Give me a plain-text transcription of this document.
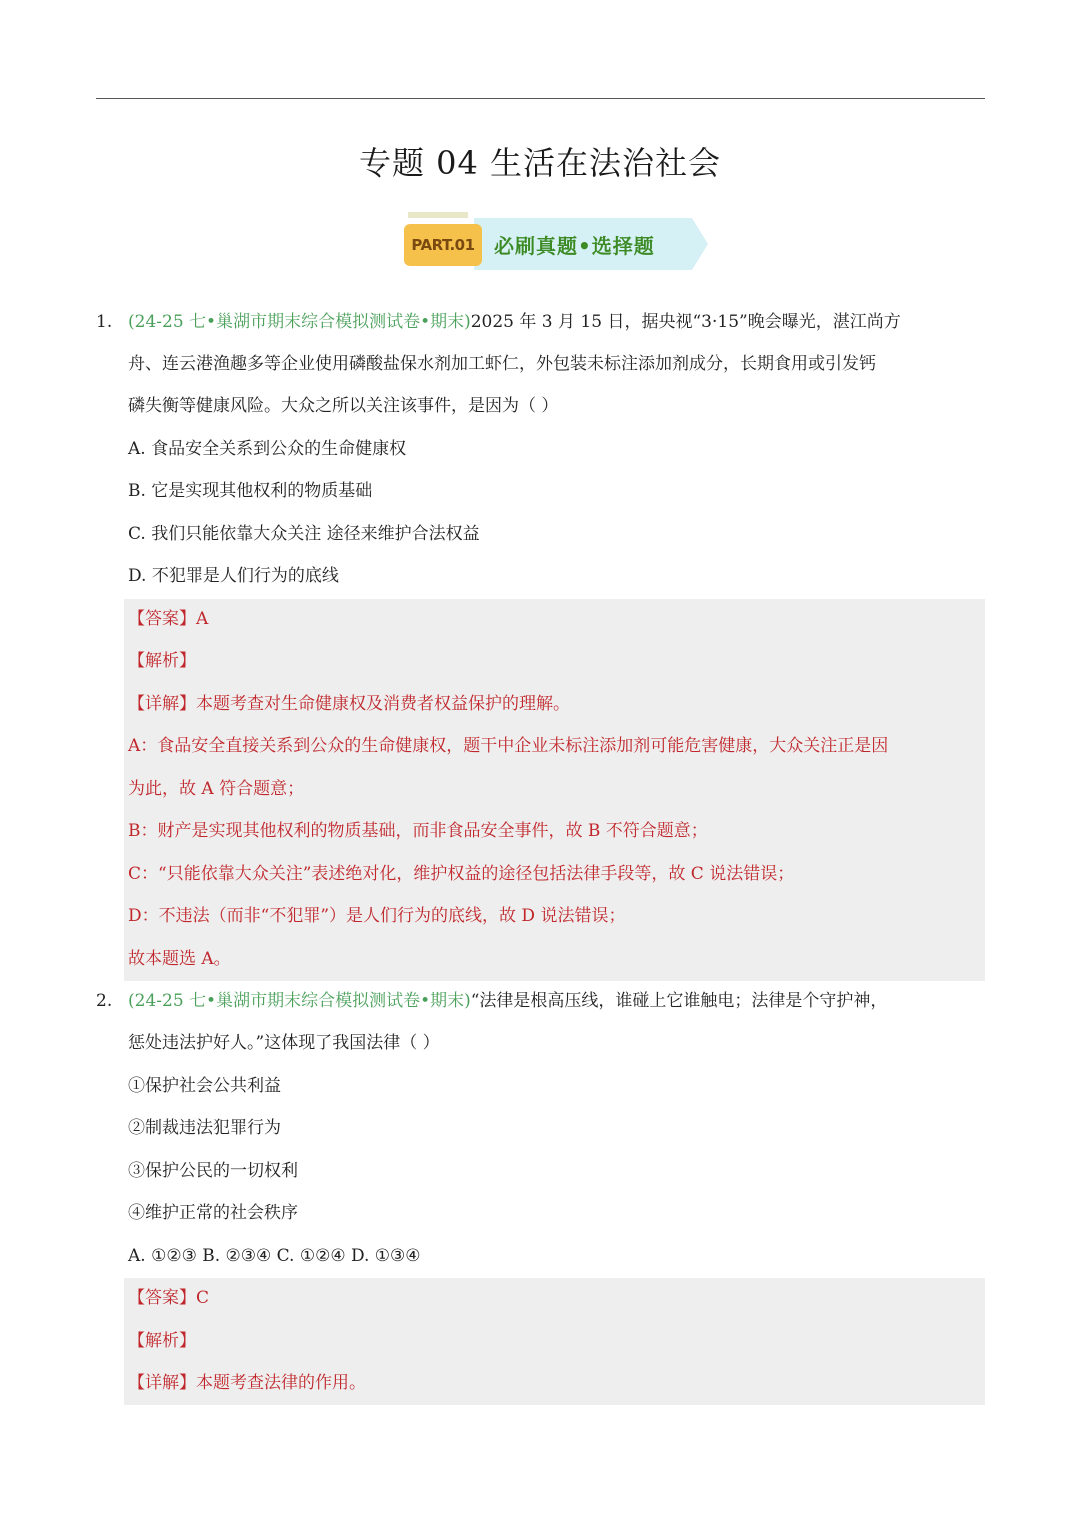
专题 04 生活在法治社会
PART.01 必刷真题•选择题
1. (24-25 七•巢湖市期末综合模拟测试卷•期末)2025 年 3 月 15 日，据央视“3·15”晚会曝光，湛江尚方
舟、连云港渔趣多等企业使用磷酸盐保水剂加工虾仁，外包装未标注添加剂成分，长期食用或引发钙
磷失衡等健康风险。大众之所以关注该事件，是因为（ ）
A. 食品安全关系到公众的生命健康权
B. 它是实现其他权利的物质基础
C. 我们只能依靠大众关注 途径来维护合法权益
D. 不犯罪是人们行为的底线
【答案】A
【解析】
【详解】本题考查对生命健康权及消费者权益保护的理解。
A：食品安全直接关系到公众的生命健康权，题干中企业未标注添加剂可能危害健康，大众关注正是因
为此，故 A 符合题意；
B：财产是实现其他权利的物质基础，而非食品安全事件，故 B 不符合题意；
C：“只能依靠大众关注”表述绝对化，维护权益的途径包括法律手段等，故 C 说法错误；
D：不违法（而非“不犯罪”）是人们行为的底线，故 D 说法错误；
故本题选 A。
2. (24-25 七•巢湖市期末综合模拟测试卷•期末)“法律是根高压线，谁碰上它谁触电；法律是个守护神，
惩处违法护好人。”这体现了我国法律（ ）
①保护社会公共利益
②制裁违法犯罪行为
③保护公民的一切权利
④维护正常的社会秩序
A. ①②③ B. ②③④ C. ①②④ D. ①③④
【答案】C
【解析】
【详解】本题考查法律的作用。
